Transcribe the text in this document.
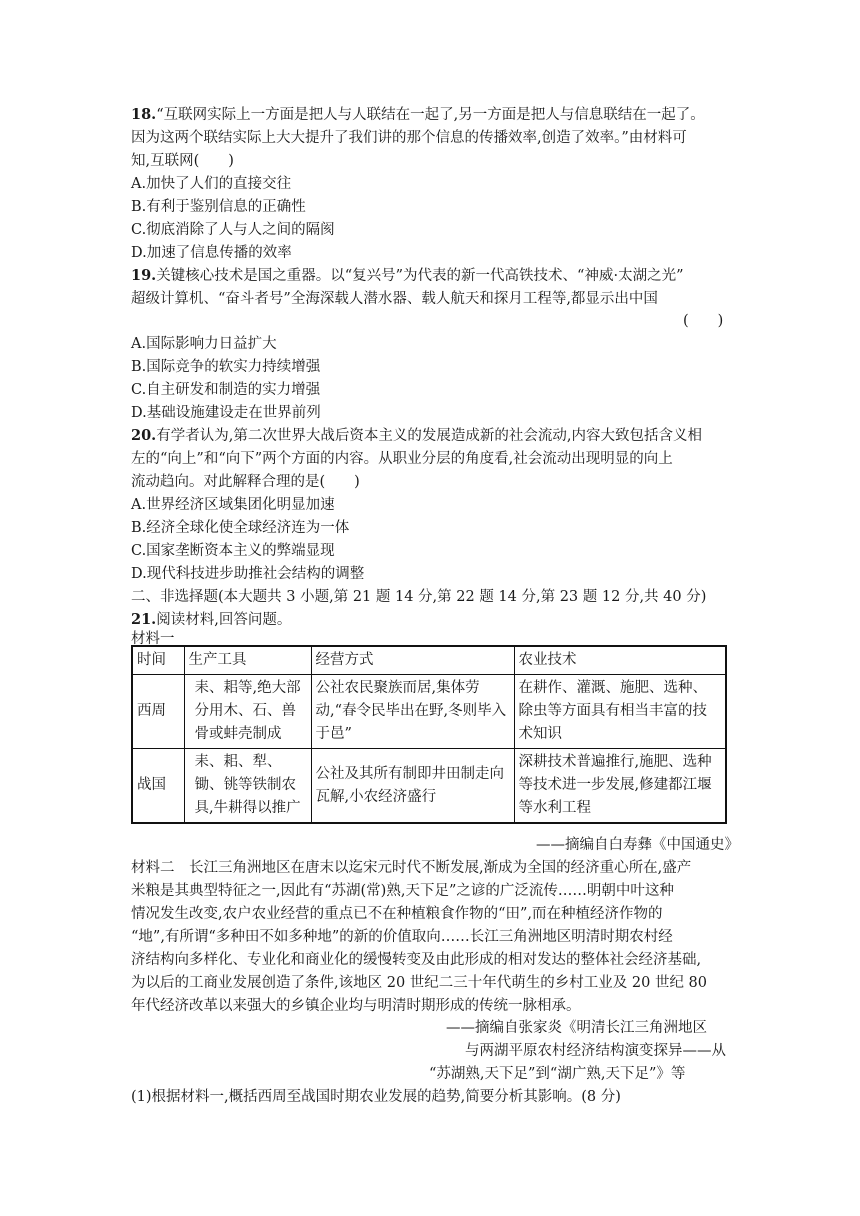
18.“互联网实际上一方面是把人与人联结在一起了,另一方面是把人与信息联结在一起了。
因为这两个联结实际上大大提升了我们讲的那个信息的传播效率,创造了效率。”由材料可
知,互联网(　　)
A.加快了人们的直接交往
B.有利于鉴别信息的正确性
C.彻底消除了人与人之间的隔阂
D.加速了信息传播的效率
19.关键核心技术是国之重器。以“复兴号”为代表的新一代高铁技术、“神威·太湖之光”
超级计算机、“奋斗者号”全海深载人潜水器、载人航天和探月工程等,都显示出中国
(　　)
A.国际影响力日益扩大
B.国际竞争的软实力持续增强
C.自主研发和制造的实力增强
D.基础设施建设走在世界前列
20.有学者认为,第二次世界大战后资本主义的发展造成新的社会流动,内容大致包括含义相
左的“向上”和“向下”两个方面的内容。从职业分层的角度看,社会流动出现明显的向上
流动趋向。对此解释合理的是(　　)
A.世界经济区域集团化明显加速
B.经济全球化使全球经济连为一体
C.国家垄断资本主义的弊端显现
D.现代科技进步助推社会结构的调整
二、非选择题(本大题共 3 小题,第 21 题 14 分,第 22 题 14 分,第 23 题 12 分,共 40 分)
21.阅读材料,回答问题。
材料一
时间	生产工具	经营方式	农业技术
西周	耒、耜等,绝大部分用木、石、兽骨或蚌壳制成	公社农民聚族而居,集体劳动,“春令民毕出在野,冬则毕入于邑”	在耕作、灌溉、施肥、选种、除虫等方面具有相当丰富的技术知识
战国	耒、耜、犁、锄、铫等铁制农具,牛耕得以推广	公社及其所有制即井田制走向瓦解,小农经济盛行	深耕技术普遍推行,施肥、选种等技术进一步发展,修建都江堰等水利工程
——摘编自白寿彝《中国通史》
材料二　长江三角洲地区在唐末以迄宋元时代不断发展,渐成为全国的经济重心所在,盛产
米粮是其典型特征之一,因此有“苏湖(常)熟,天下足”之谚的广泛流传……明朝中叶这种
情况发生改变,农户农业经营的重点已不在种植粮食作物的“田”,而在种植经济作物的
“地”,有所谓“多种田不如多种地”的新的价值取向……长江三角洲地区明清时期农村经
济结构向多样化、专业化和商业化的缓慢转变及由此形成的相对发达的整体社会经济基础,
为以后的工商业发展创造了条件,该地区 20 世纪二三十年代萌生的乡村工业及 20 世纪 80
年代经济改革以来强大的乡镇企业均与明清时期形成的传统一脉相承。
——摘编自张家炎《明清长江三角洲地区
与两湖平原农村经济结构演变探异——从
“苏湖熟,天下足”到“湖广熟,天下足”》等
(1)根据材料一,概括西周至战国时期农业发展的趋势,简要分析其影响。(8 分)
